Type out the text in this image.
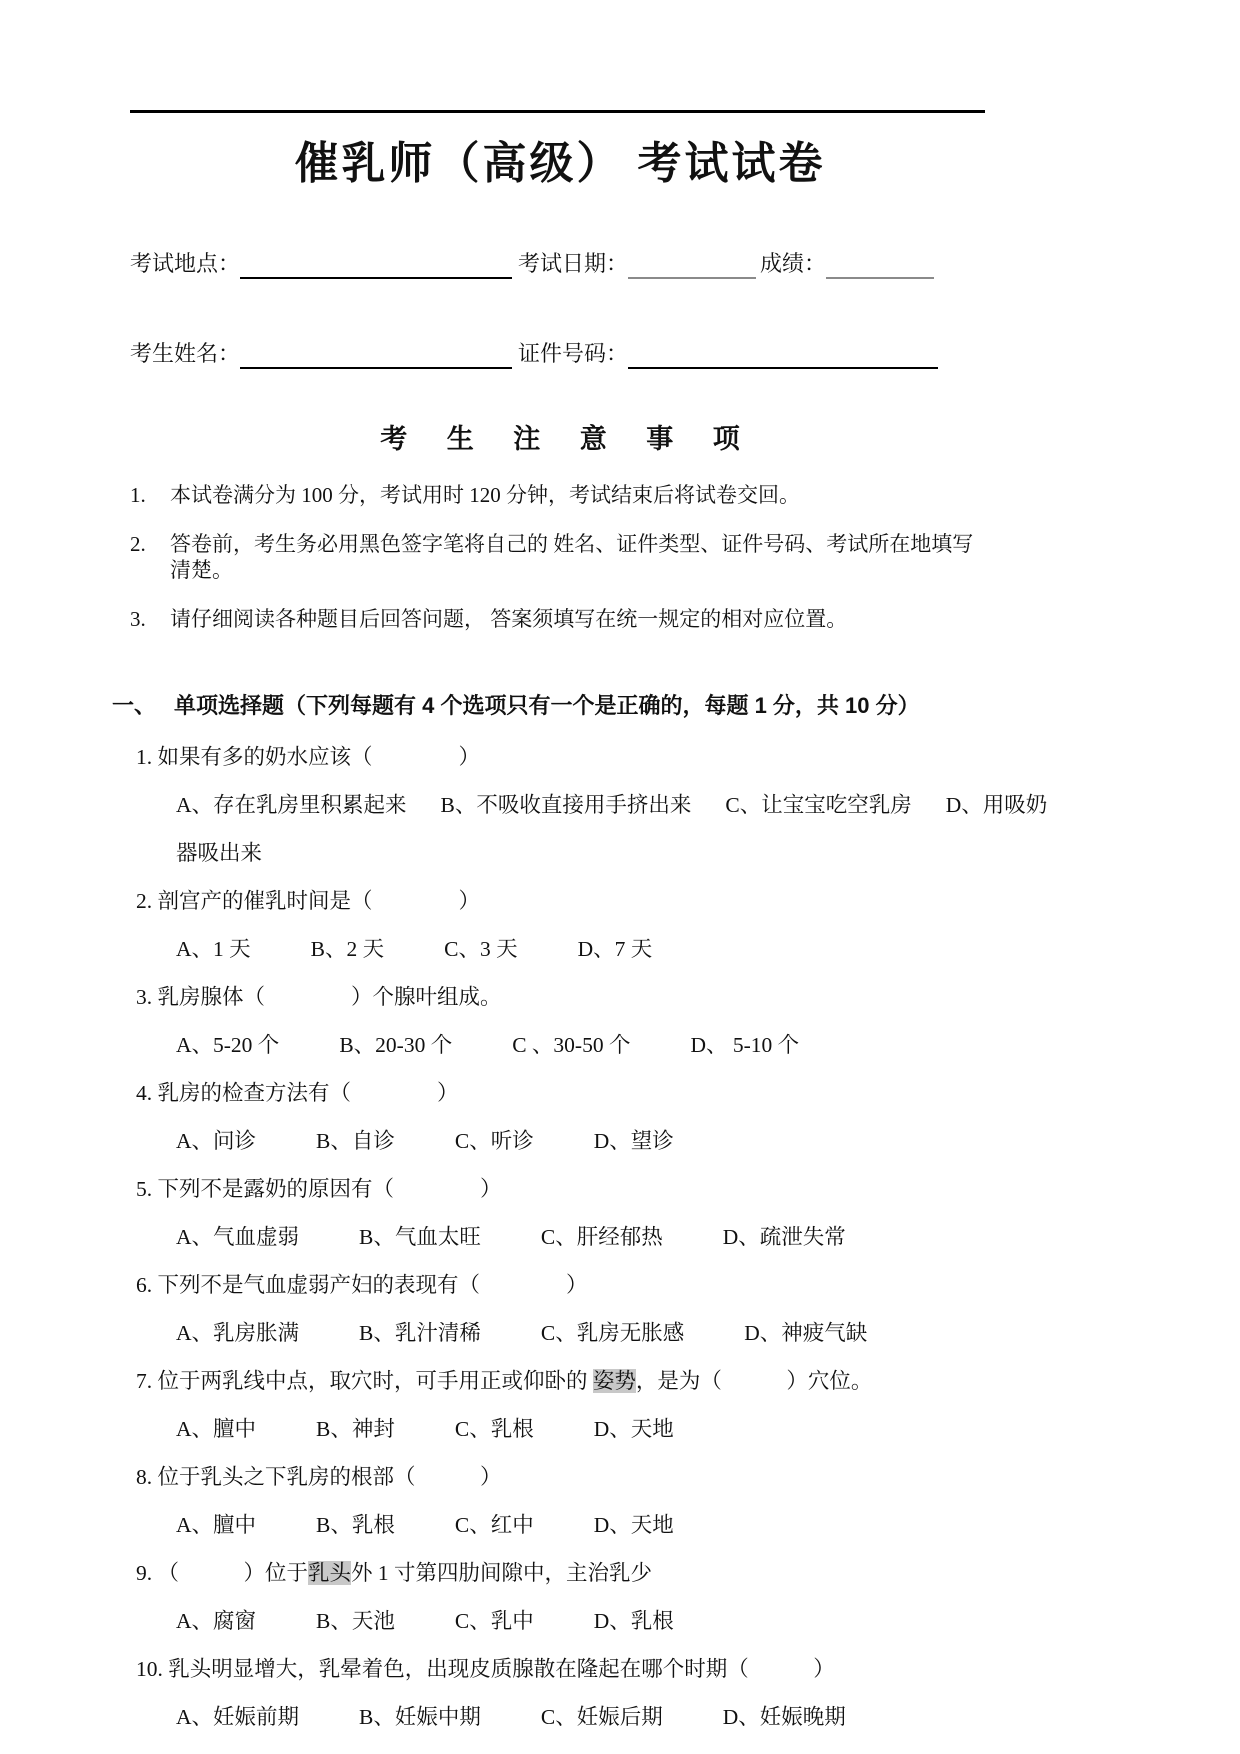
催乳师（高级） 考试试卷
考试地点：	考试日期：	成绩：
考生姓名：	证件号码：
考 生 注 意 事 项
1.	本试卷满分为 100 分，考试用时 120 分钟，考试结束后将试卷交回。
2.	答卷前，考生务必用黑色签字笔将自己的 姓名、证件类型、证件号码、考试所在地填写清楚。
3.	请仔细阅读各种题目后回答问题， 答案须填写在统一规定的相对应位置。
一、 单项选择题（下列每题有 4 个选项只有一个是正确的，每题 1 分，共 10 分）
1. 如果有多的奶水应该（　　　　）
A、存在乳房里积累起来 B、不吸收直接用手挤出来 C、让宝宝吃空乳房 D、用吸奶
器吸出来
2. 剖宫产的催乳时间是（　　　　）
A、1 天	B、2 天	C、3 天	D、7 天
3. 乳房腺体（　　　　）个腺叶组成。
A、5-20 个	B、20-30 个	C 、30-50 个	D、 5-10 个
4. 乳房的检查方法有（　　　　）
A、问诊	B、自诊	C、听诊	D、望诊
5. 下列不是露奶的原因有（　　　　）
A、气血虚弱	B、气血太旺	C、肝经郁热	D、疏泄失常
6. 下列不是气血虚弱产妇的表现有（　　　　）
A、乳房胀满	B、乳汁清稀	C、乳房无胀感	D、神疲气缺
7. 位于两乳线中点，取穴时，可手用正或仰卧的 姿势，是为（　　　）穴位。
A、膻中	B、神封	C、乳根	D、天地
8. 位于乳头之下乳房的根部（　　　）
A、膻中	B、乳根	C、红中	D、天地
9. （　　　）位于乳头外 1 寸第四肋间隙中，主治乳少
A、腐窗	B、天池	C、乳中	D、乳根
10. 乳头明显增大，乳晕着色，出现皮质腺散在隆起在哪个时期（　　　）
A、妊娠前期	B、妊娠中期	C、妊娠后期	D、妊娠晚期
